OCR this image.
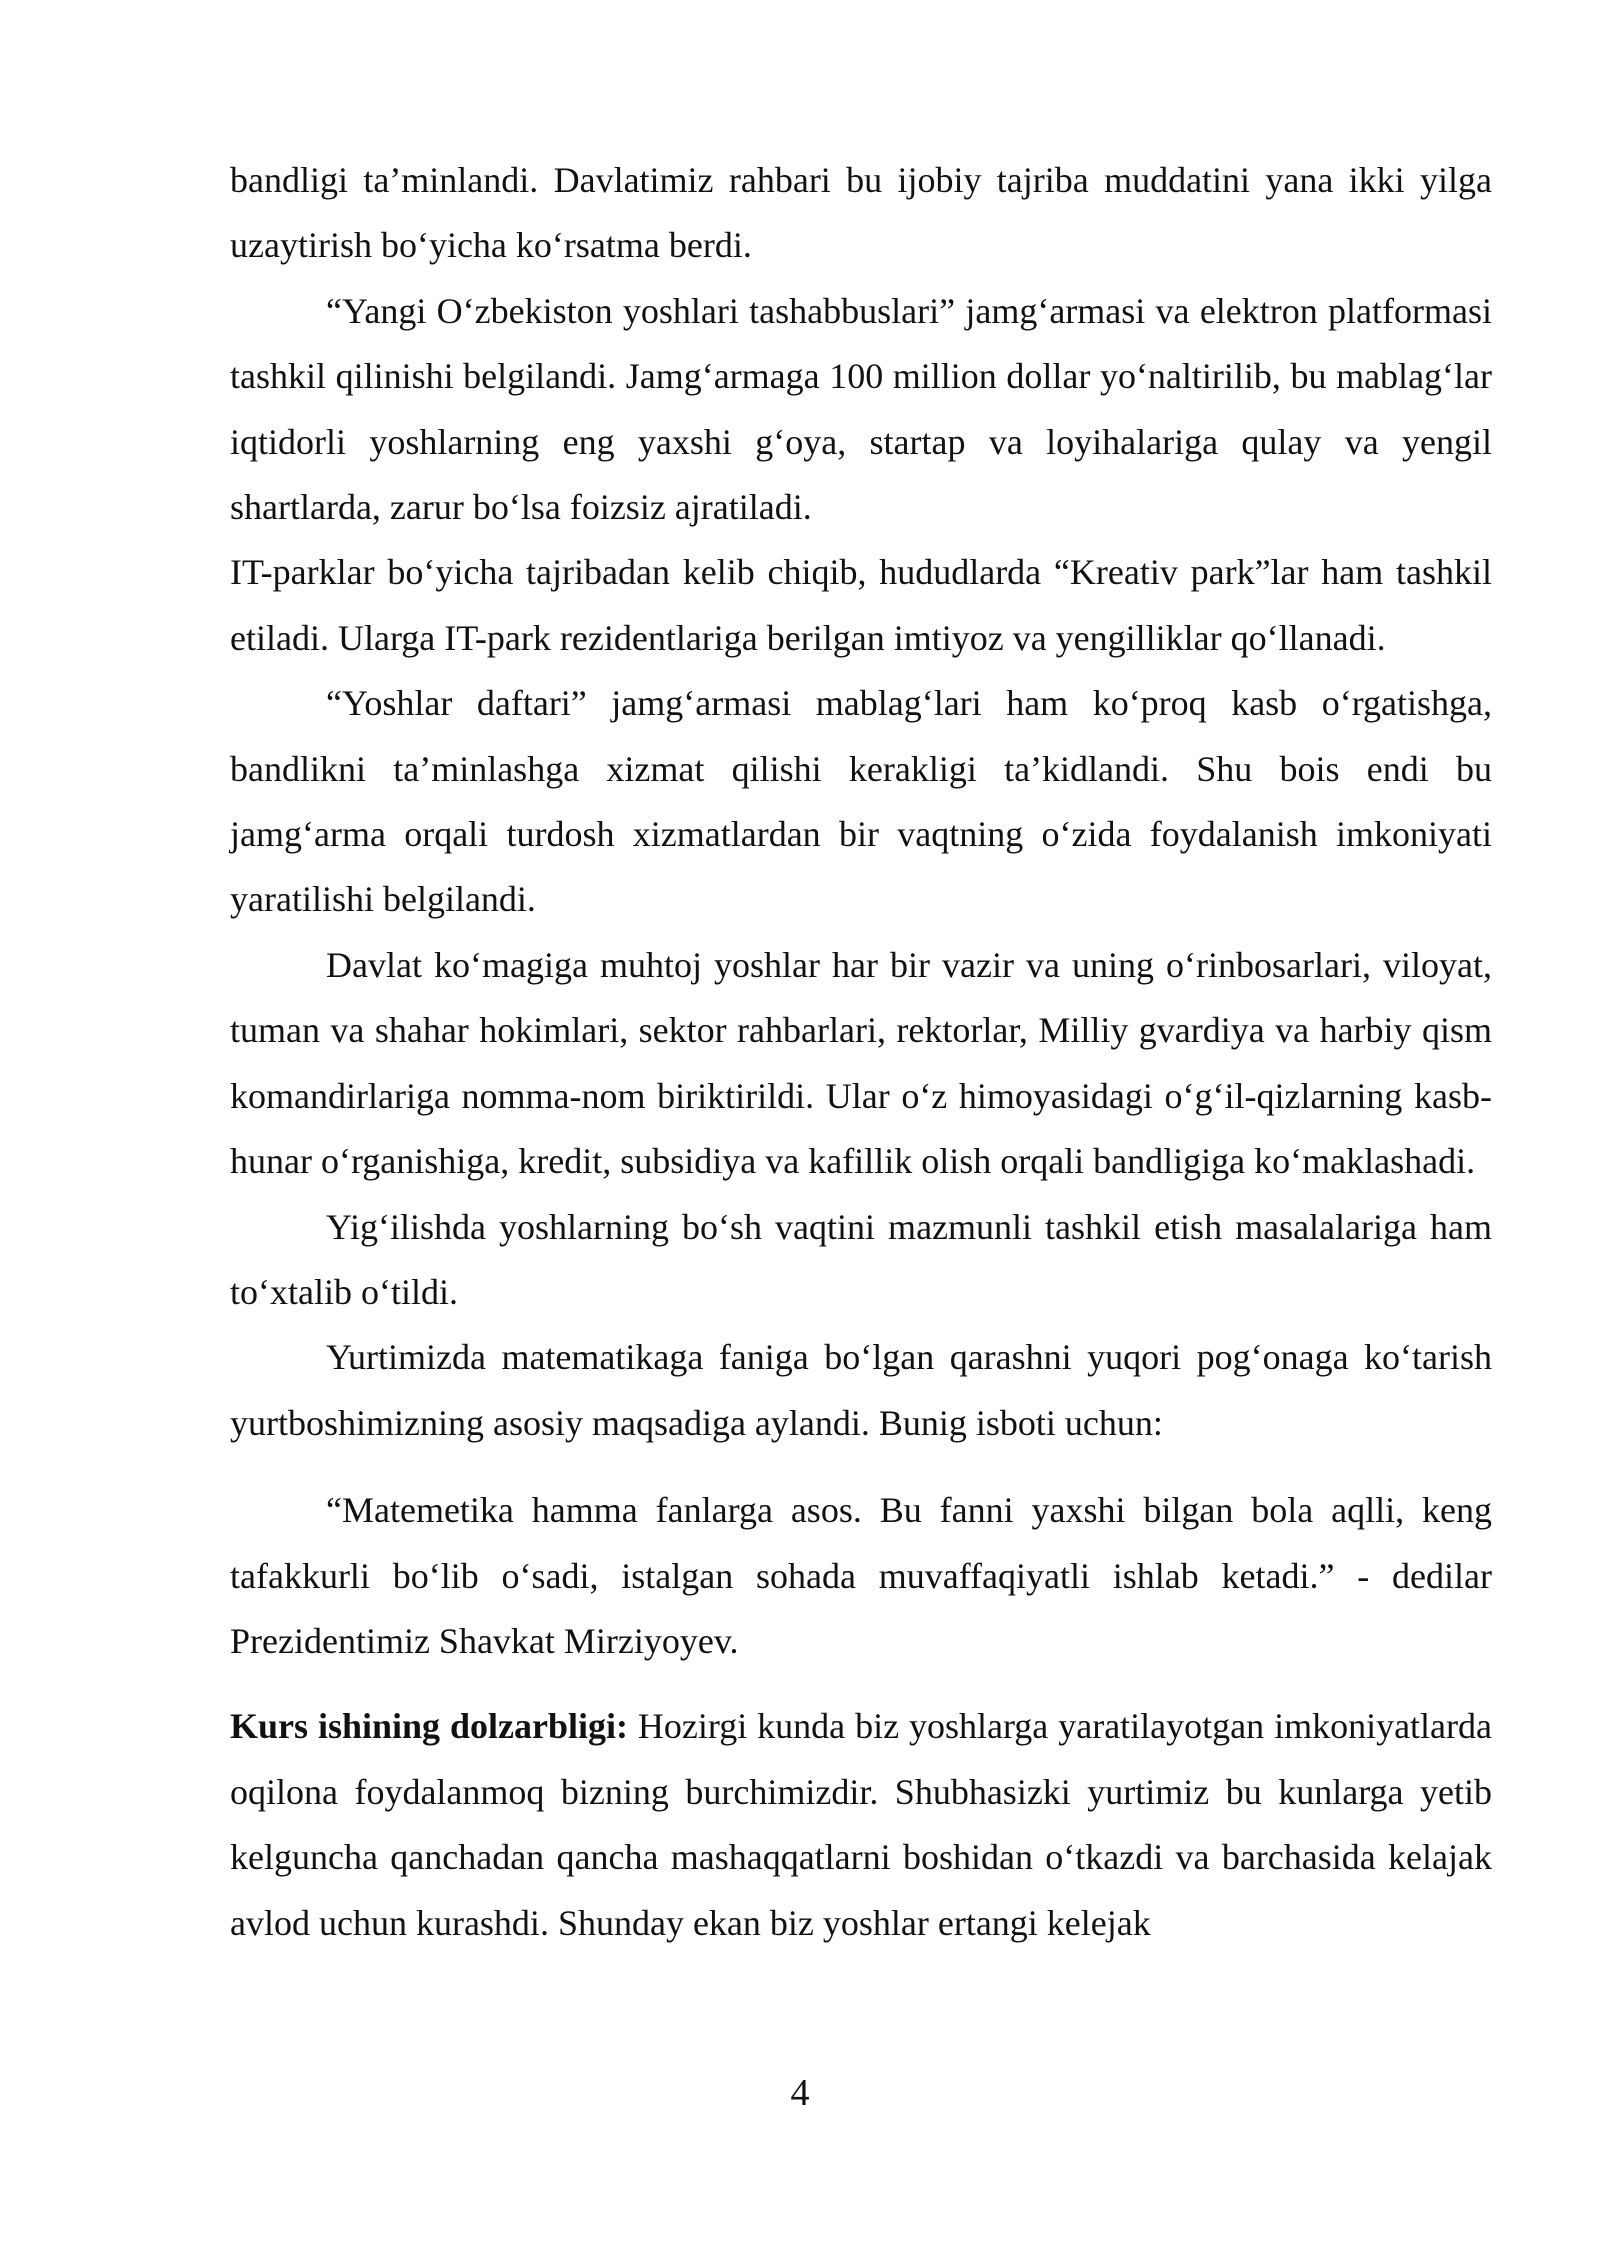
bandligi ta’minlandi. Davlatimiz rahbari bu ijobiy tajriba muddatini yana ikki yilga uzaytirish bo‘yicha ko‘rsatma berdi.

“Yangi O‘zbekiston yoshlari tashabbuslari” jamg‘armasi va elektron platformasi tashkil qilinishi belgilandi. Jamg‘armaga 100 million dollar yo‘naltirilib, bu mablag‘lar iqtidorli yoshlarning eng yaxshi g‘oya, startap va loyihalariga qulay va yengil shartlarda, zarur bo‘lsa foizsiz ajratiladi.

IT-parklar bo‘yicha tajribadan kelib chiqib, hududlarda “Kreativ park”lar ham tashkil etiladi. Ularga IT-park rezidentlariga berilgan imtiyoz va yengilliklar qo‘llanadi.

“Yoshlar daftari” jamg‘armasi mablag‘lari ham ko‘proq kasb o‘rgatishga, bandlikni ta’minlashga xizmat qilishi kerakligi ta’kidlandi. Shu bois endi bu jamg‘arma orqali turdosh xizmatlardan bir vaqtning o‘zida foydalanish imkoniyati yaratilishi belgilandi.

Davlat ko‘magiga muhtoj yoshlar har bir vazir va uning o‘rinbosarlari, viloyat, tuman va shahar hokimlari, sektor rahbarlari, rektorlar, Milliy gvardiya va harbiy qism komandirlariga nomma-nom biriktirildi. Ular o‘z himoyasidagi o‘g‘il-qizlarning kasb-hunar o‘rganishiga, kredit, subsidiya va kafillik olish orqali bandligiga ko‘maklashadi.

Yig‘ilishda yoshlarning bo‘sh vaqtini mazmunli tashkil etish masalalariga ham to‘xtalib o‘tildi.

Yurtimizda matematikaga faniga bo‘lgan qarashni yuqori pog‘onaga ko‘tarish yurtboshimizning asosiy maqsadiga aylandi. Bunig isboti uchun:

“Matemetika hamma fanlarga asos. Bu fanni yaxshi bilgan bola aqlli, keng tafakkurli bo‘lib o‘sadi, istalgan sohada muvaffaqiyatli ishlab ketadi.” - dedilar Prezidentimiz Shavkat Mirziyoyev.

Kurs ishining dolzarbligi: Hozirgi kunda biz yoshlarga yaratilayotgan imkoniyatlarda oqilona foydalanmoq bizning burchimizdir. Shubhasizki yurtimiz bu kunlarga yetib kelguncha qanchadan qancha mashaqqatlarni boshidan o‘tkazdi va barchasida kelajak avlod uchun kurashdi. Shunday ekan biz yoshlar ertangi kelejak

4
